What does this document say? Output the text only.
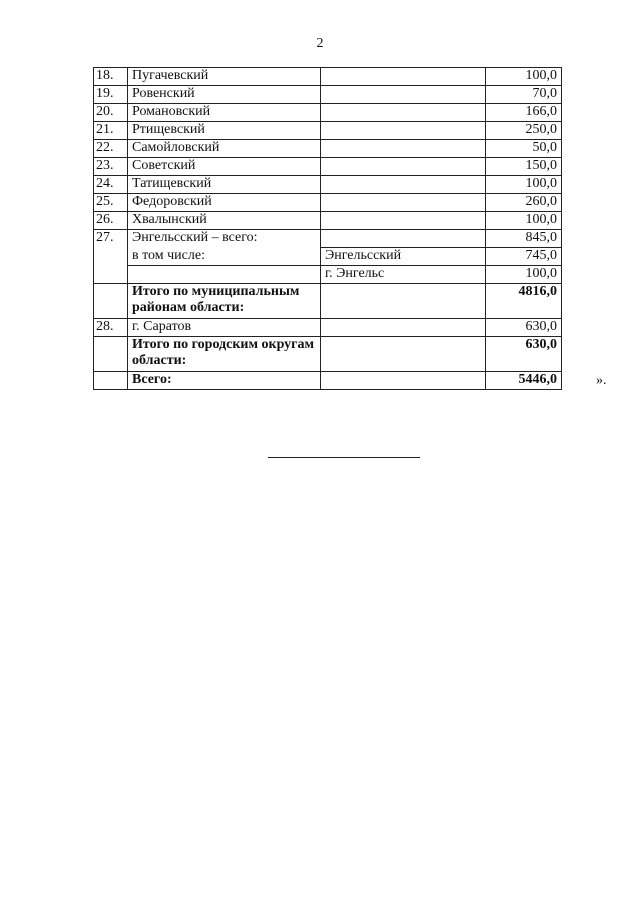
2
18.	Пугачевский		100,0
19.	Ровенский		70,0
20.	Романовский		166,0
21.	Ртищевский		250,0
22.	Самойловский		50,0
23.	Советский		150,0
24.	Татищевский		100,0
25.	Федоровский		260,0
26.	Хвалынский		100,0
27.	Энгельсский – всего:		845,0
	в том числе:	Энгельсский	745,0
		г. Энгельс	100,0
	Итого по муниципальным районам области:		4816,0
28.	г. Саратов		630,0
	Итого по городским округам области:		630,0
	Всего:		5446,0	».
